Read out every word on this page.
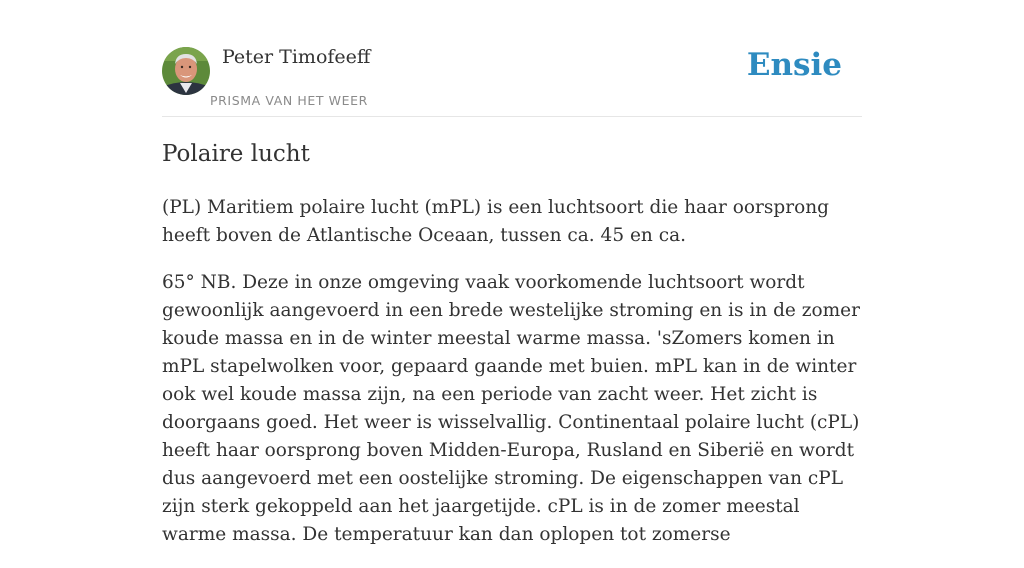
Peter Timofeeff
PRISMA VAN HET WEER
Ensie
Polaire lucht

(PL) Maritiem polaire lucht (mPL) is een luchtsoort die haar oorsprong heeft boven de Atlantische Oceaan, tussen ca. 45 en ca.

65° NB. Deze in onze omgeving vaak voorkomende luchtsoort wordt gewoonlijk aangevoerd in een brede westelijke stroming en is in de zomer koude massa en in de winter meestal warme massa. 'sZomers komen in mPL stapelwolken voor, gepaard gaande met buien. mPL kan in de winter ook wel koude massa zijn, na een periode van zacht weer. Het zicht is doorgaans goed. Het weer is wisselvallig. Continentaal polaire lucht (cPL) heeft haar oorsprong boven Midden-Europa, Rusland en Siberië en wordt dus aangevoerd met een oostelijke stroming. De eigenschappen van cPL zijn sterk gekoppeld aan het jaargetijde. cPL is in de zomer meestal warme massa. De temperatuur kan dan oplopen tot zomerse
